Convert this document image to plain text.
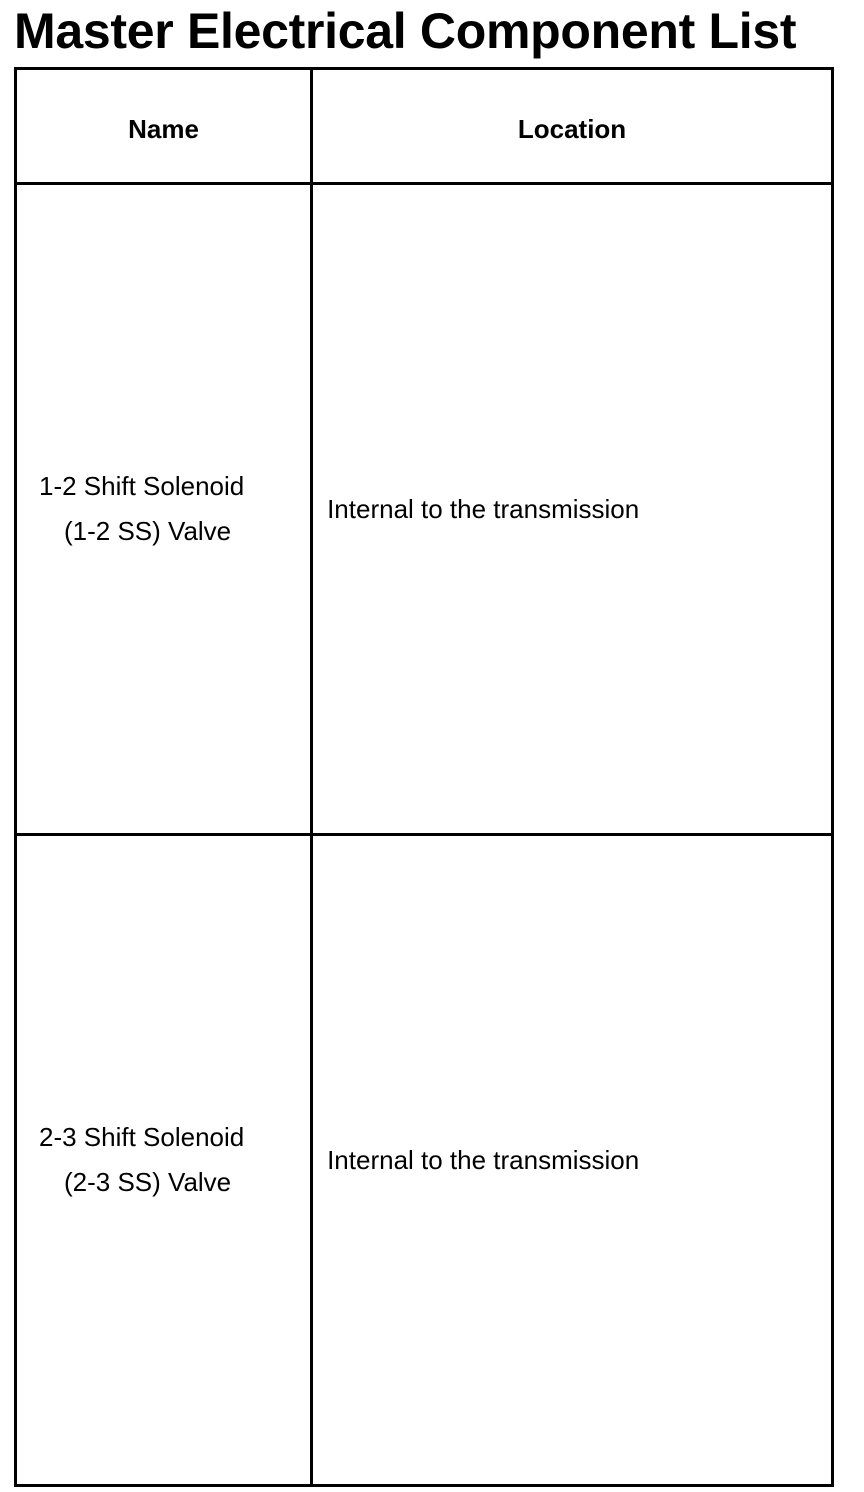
Master Electrical Component List
Name	Location

1-2 Shift Solenoid
(1-2 SS) Valve	Internal to the transmission

2-3 Shift Solenoid
(2-3 SS) Valve	Internal to the transmission
